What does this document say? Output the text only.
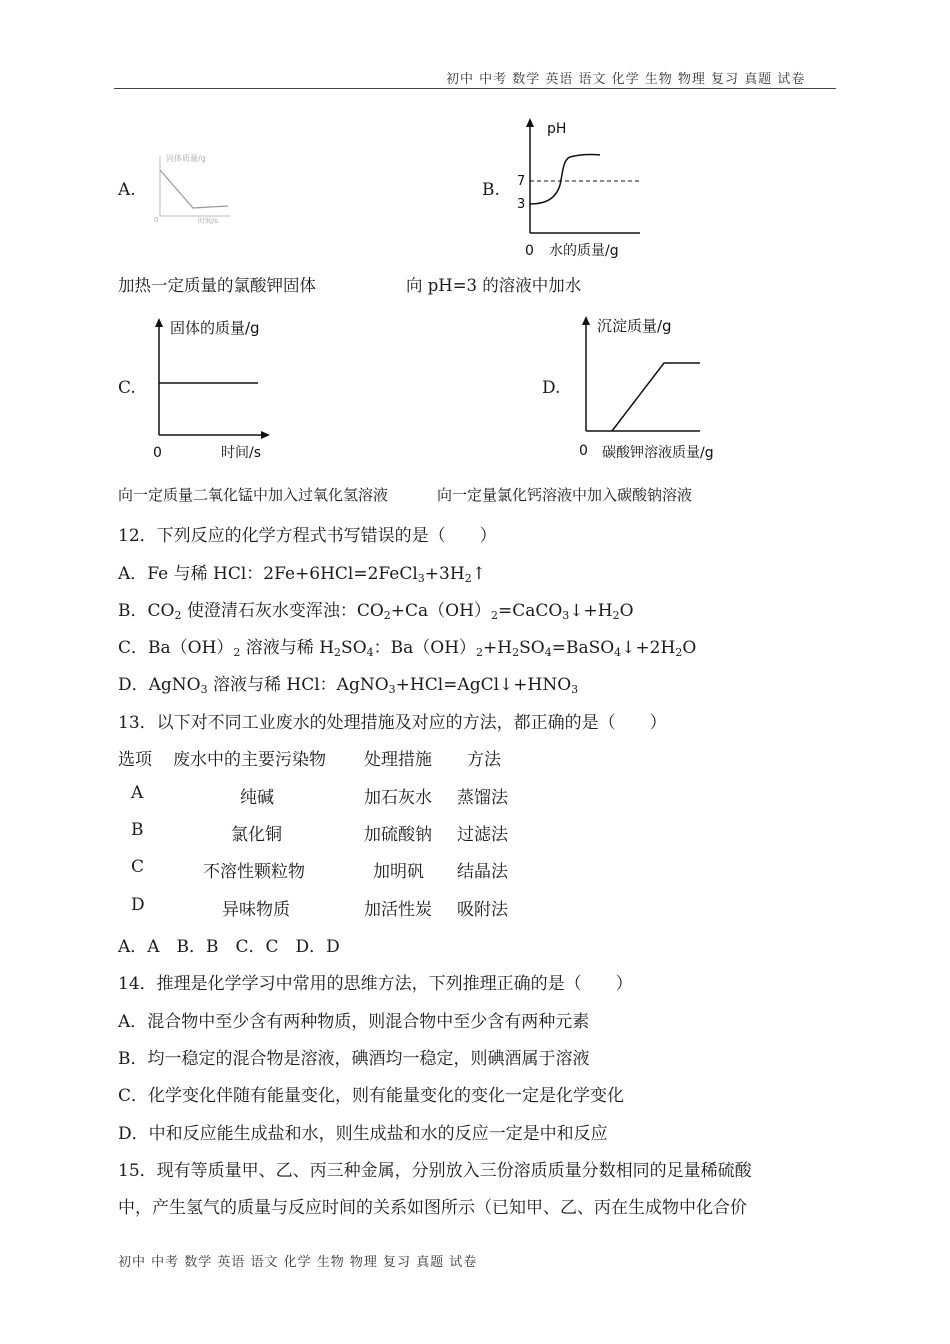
初中 中考 数学 英语 语文 化学 生物 物理 复习 真题 试卷
A.
固体质量/g
时间/s
0
B.
pH
7
3
0 水的质量/g
加热一定质量的氯酸钾固体	向 pH=3 的溶液中加水
C.
固体的质量/g
0	时间/s
D.
沉淀质量/g
0 碳酸钾溶液质量/g
向一定质量二氧化锰中加入过氧化氢溶液	向一定量氯化钙溶液中加入碳酸钠溶液
12．下列反应的化学方程式书写错误的是（　　）
A．Fe 与稀 HCl：$2Fe+6HCl=2FeCl_3+3H_2↑$
B．$CO_2$ 使澄清石灰水变浑浊：$CO_2+Ca(OH)_2=CaCO_3↓+H_2O$
C．$Ba(OH)_2$ 溶液与稀 $H_2SO_4$：$Ba(OH)_2+H_2SO_4=BaSO_4↓+2H_2O$
D．AgNO$_3$ 溶液与稀 HCl：$AgNO_3+HCl=AgCl↓+HNO_3$
13．以下对不同工业废水的处理措施及对应的方法，都正确的是（　　）
选项 废水中的主要污染物 处理措施 方法
A	纯碱	加石灰水 蒸馏法
B	氯化铜	加硫酸钠 过滤法
C	不溶性颗粒物	加明矾 结晶法
D	异味物质	加活性炭 吸附法
A．A　B．B　C．C　D．D
14．推理是化学学习中常用的思维方法，下列推理正确的是（　　）
A．混合物中至少含有两种物质，则混合物中至少含有两种元素
B．均一稳定的混合物是溶液，碘酒均一稳定，则碘酒属于溶液
C．化学变化伴随有能量变化，则有能量变化的变化一定是化学变化
D．中和反应能生成盐和水，则生成盐和水的反应一定是中和反应
15．现有等质量甲、乙、丙三种金属，分别放入三份溶质质量分数相同的足量稀硫酸
中，产生氢气的质量与反应时间的关系如图所示（已知甲、乙、丙在生成物中化合价
初中 中考 数学 英语 语文 化学 生物 物理 复习 真题 试卷
